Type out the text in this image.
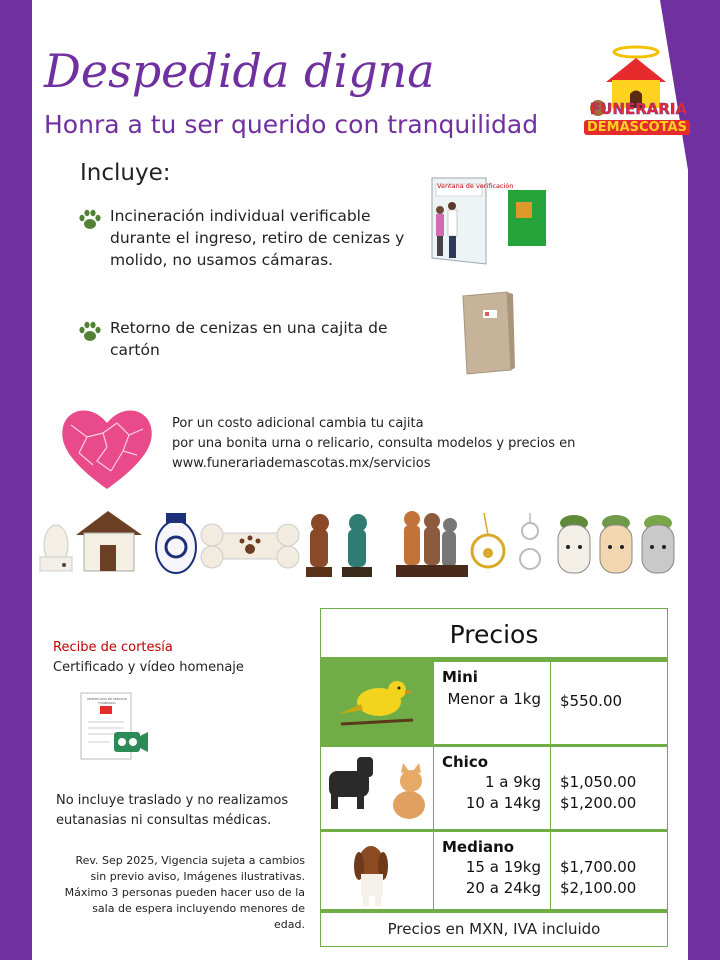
Despedida digna
Honra a tu ser querido con tranquilidad
FUNERARIA
DEMASCOTAS
Incluye:
Incineración individual verificable
durante el ingreso, retiro de cenizas y
molido, no usamos cámaras.
Ventana de verificación
Retorno de cenizas en una cajita de
cartón
Por un costo adicional cambia tu cajita
por una bonita urna o relicario, consulta modelos y precios en
www.funerariademascotas.mx/servicios
Recibe de cortesía
Certificado y vídeo homenaje
CERTIFICADO DE SERVICIO FUNERARIO
No incluye traslado y no realizamos eutanasias ni consultas médicas.
Rev. Sep 2025, Vigencia sujeta a cambios sin previo aviso, Imágenes ilustrativas. Máximo 3 personas pueden hacer uso de la sala de espera incluyendo menores de edad.
Precios
Mini
Menor a 1kg $550.00
Chico
1 a 9kg
10 a 14kg
$1,050.00
$1,200.00
Mediano
15 a 19kg
20 a 24kg
$1,700.00
$2,100.00
Precios en MXN, IVA incluido
